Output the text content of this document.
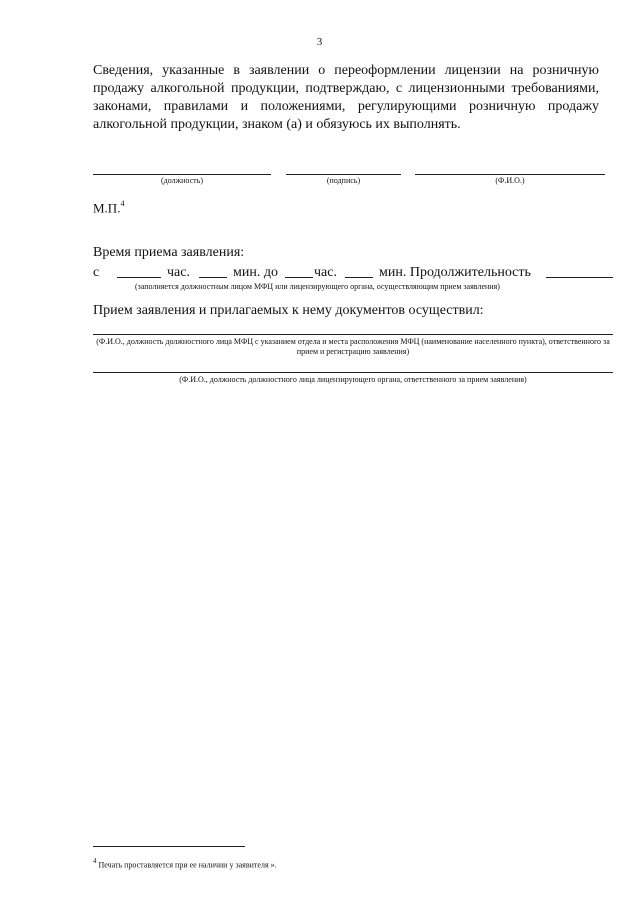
3

Сведения, указанные в заявлении о переоформлении лицензии на розничную продажу алкогольной продукции, подтверждаю, с лицензионными требованиями, законами, правилами и положениями, регулирующими розничную продажу алкогольной продукции, знаком (а) и обязуюсь их выполнять.

(должность)	(подпись)	(Ф.И.О.)
М.П.$^4$
Время приема заявления:
с	час.	мин. до	час.	мин. Продолжительность
(заполняется должностным лицом МФЦ или лицензирующего органа, осуществляющим прием заявления)
Прием заявления и прилагаемых к нему документов осуществил:
(Ф.И.О., должность должностного лица МФЦ с указанием отдела и места расположения МФЦ (наименование населенного пункта), ответственного за прием и регистрацию заявления)
(Ф.И.О., должность должностного лица лицензирующего органа, ответственного за прием заявления)
$^4$ Печать проставляется при ее наличии у заявителя ».
